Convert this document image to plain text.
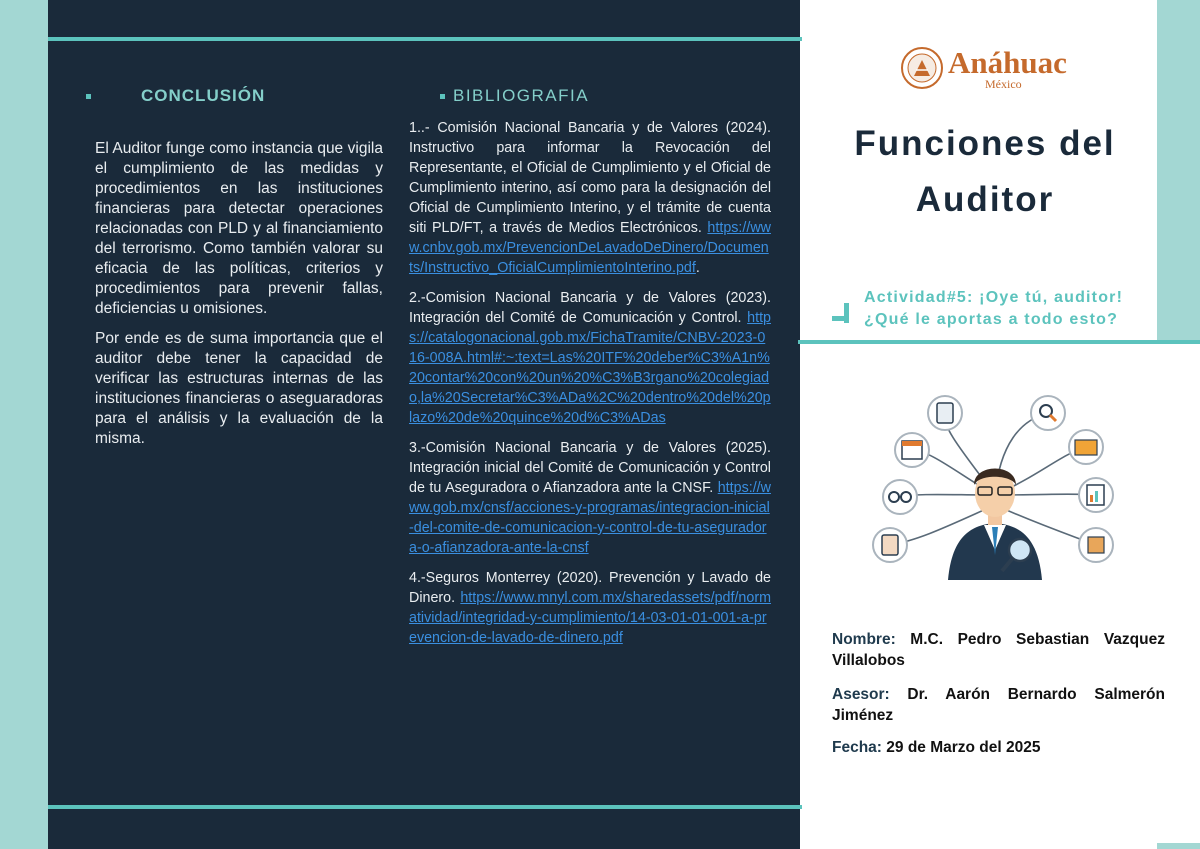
CONCLUSIÓN

El Auditor funge como instancia que vigila el cumplimiento de las medidas y procedimientos en las instituciones financieras para detectar operaciones relacionadas con PLD y al financiamiento del terrorismo. Como también valorar su eficacia de las políticas, criterios y procedimientos para prevenir fallas, deficiencias u omisiones.

Por ende es de suma importancia que el auditor debe tener la capacidad de verificar las estructuras internas de las instituciones financieras o aseguaradoras para el análisis y la evaluación de la misma.

BIBLIOGRAFIA
1..- Comisión Nacional Bancaria y de Valores (2024). Instructivo para informar la Revocación del Representante, el Oficial de Cumplimiento y el Oficial de Cumplimiento interino, así como para la designación del Oficial de Cumplimiento Interino, y el trámite de cuenta siti PLD/FT, a través de Medios Electrónicos. https://www.cnbv.gob.mx/PrevencionDeLavadoDeDinero/Documents/Instructivo_OficialCumplimientoInterino.pdf.
2.-Comision Nacional Bancaria y de Valores (2023). Integración del Comité de Comunicación y Control. https://catalogonacional.gob.mx/FichaTramite/CNBV-2023-016-008A.html#:~:text=Las%20ITF%20deber%C3%A1n%20contar%20con%20un%20%C3%B3rgano%20colegiado,la%20Secretar%C3%ADa%2C%20dentro%20del%20plazo%20de%20quince%20d%C3%ADas
3.-Comisión Nacional Bancaria y de Valores (2025). Integración inicial del Comité de Comunicación y Control de tu Aseguradora o Afianzadora ante la CNSF. https://www.gob.mx/cnsf/acciones-y-programas/integracion-inicial-del-comite-de-comunicacion-y-control-de-tu-aseguradora-o-afianzadora-ante-la-cnsf
4.-Seguros Monterrey (2020). Prevención y Lavado de Dinero. https://www.mnyl.com.mx/sharedassets/pdf/normatividad/integridad-y-cumplimiento/14-03-01-01-001-a-prevencion-de-lavado-de-dinero.pdf
Anáhuac
México
Funciones del Auditor
Actividad#5: ¡Oye tú, auditor! ¿Qué le aportas a todo esto?
Nombre: M.C. Pedro Sebastian Vazquez Villalobos
Asesor: Dr. Aarón Bernardo Salmerón Jiménez
Fecha: 29 de Marzo del 2025
